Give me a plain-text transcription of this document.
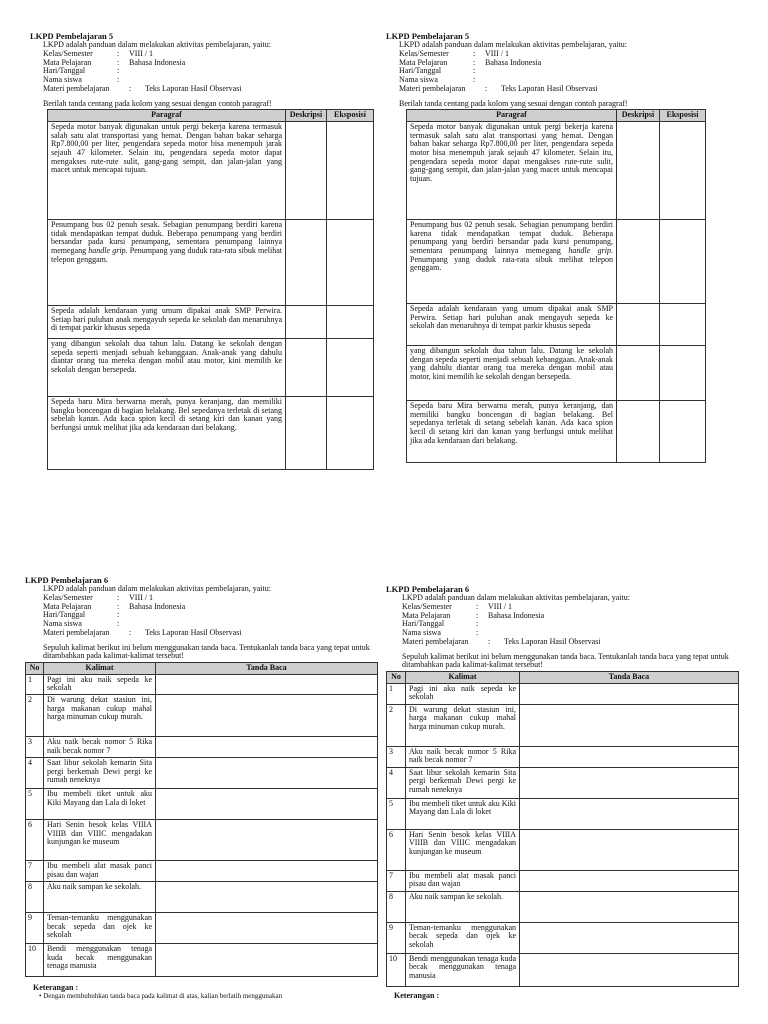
LKPD Pembelajaran 5
LKPD adalah panduan dalam melakukan aktivitas pembelajaran, yaitu:
Kelas/Semester	:	VIII / 1
Mata Pelajaran	:	Bahasa Indonesia
Hari/Tanggal	:	
Nama siswa	:	
Materi pembelajaran	:	Teks Laporan Hasil Observasi
Berilah tanda centang pada kolom yang sesuai dengan contoh paragraf!
Paragraf	Deskripsi	Eksposisi
Sepeda motor banyak digunakan untuk pergi bekerja karena termasuk salah satu alat transportasi yang hemat. Dengan bahan bakar seharga Rp7.800,00 per liter, pengendara sepeda motor bisa menempuh jarak sejauh 47 kilometer. Selain itu, pengendara sepeda motor dapat mengakses rute-rute sulit, gang-gang sempit, dan jalan-jalan yang macet untuk mencapai tujuan.		
Penumpang bus 02 penuh sesak. Sebagian penumpang berdiri karena tidak mendapatkan tempat duduk. Beberapa penumpang yang berdiri bersandar pada kursi penumpang, sementara penumpang lainnya memegang handle grip. Penumpang yang duduk rata-rata sibuk melihat telepon genggam.		
Sepeda adalah kendaraan yang umum dipakai anak SMP Perwira. Setiap hari puluhan anak mengayuh sepeda ke sekolah dan menaruhnya di tempat parkir khusus sepeda		
yang dibangun sekolah dua tahun lalu. Datang ke sekolah dengan sepeda seperti menjadi sebuah kebanggaan. Anak-anak yang dahulu diantar orang tua mereka dengan mobil atau motor, kini memilih ke sekolah dengan bersepeda.		
Sepeda baru Mira berwarna merah, punya keranjang, dan memiliki bangku boncengan di bagian belakang. Bel sepedanya terletak di setang sebelah kanan. Ada kaca spion kecil di setang kiri dan kanan yang berfungsi untuk melihat jika ada kendaraan dari belakang.		
LKPD Pembelajaran 5
LKPD adalah panduan dalam melakukan aktivitas pembelajaran, yaitu:
Kelas/Semester	:	VIII / 1
Mata Pelajaran	:	Bahasa Indonesia
Hari/Tanggal	:	
Nama siswa	:	
Materi pembelajaran	:	Teks Laporan Hasil Observasi
Berilah tanda centang pada kolom yang sesuai dengan contoh paragraf!
Paragraf	Deskripsi	Eksposisi
Sepeda motor banyak digunakan untuk pergi bekerja karena termasuk salah satu alat transportasi yang hemat. Dengan bahan bakar seharga Rp7.800,00 per liter, pengendara sepeda motor bisa menempuh jarak sejauh 47 kilometer. Selain itu, pengendara sepeda motor dapat mengakses rute-rute sulit, gang-gang sempit, dan jalan-jalan yang macet untuk mencapai tujuan.		
Penumpang bus 02 penuh sesak. Sebagian penumpang berdiri karena tidak mendapatkan tempat duduk. Beberapa penumpang yang berdiri bersandar pada kursi penumpang, sementara penumpang lainnya memegang handle grip. Penumpang yang duduk rata-rata sibuk melihat telepon genggam.		
Sepeda adalah kendaraan yang umum dipakai anak SMP Perwira. Setiap hari puluhan anak mengayuh sepeda ke sekolah dan menaruhnya di tempat parkir khusus sepeda		
yang dibangun sekolah dua tahun lalu. Datang ke sekolah dengan sepeda seperti menjadi sebuah kebanggaan. Anak-anak yang dahulu diantar orang tua mereka dengan mobil atau motor, kini memilih ke sekolah dengan bersepeda.		
Sepeda baru Mira berwarna merah, punya keranjang, dan memiliki bangku boncengan di bagian belakang. Bel sepedanya terletak di setang sebelah kanan. Ada kaca spion kecil di setang kiri dan kanan yang berfungsi untuk melihat jika ada kendaraan dari belakang.		
LKPD Pembelajaran 6
LKPD adalah panduan dalam melakukan aktivitas pembelajaran, yaitu:
Kelas/Semester	:	VIII / 1
Mata Pelajaran	:	Bahasa Indonesia
Hari/Tanggal	:	
Nama siswa	:	
Materi pembelajaran	:	Teks Laporan Hasil Observasi
Sepuluh kalimat berikut ini belum menggunakan tanda baca. Tentukanlah tanda baca yang tepat untuk ditambahkan pada kalimat-kalimat tersebut!
No	Kalimat	Tanda Baca
1	Pagi ini aku naik sepeda ke sekolah	
2	Di warung dekat stasiun ini, harga makanan cukup mahal harga minuman cukup murah.	
3	Aku naik becak nomor 5 Rika naik becak nomor 7	
4	Saat libur sekolah kemarin Sita pergi berkemah Dewi pergi ke rumah neneknya	
5	Ibu membeli tiket untuk aku Kiki Mayang dan Lala di loket	
6	Hari Senin besok kelas VIIIA VIIIB dan VIIIC mengadakan kunjungan ke museum	
7	Ibu membeli alat masak panci pisau dan wajan	
8	Aku naik sampan ke sekolah.	
9	Teman-temanku menggunakan becak sepeda dan ojek ke sekolah	
10	Bendi menggunakan tenaga kuda becak menggunakan tenaga manusia	
Keterangan :
• Dengan membubuhkan tanda baca pada kalimat di atas, kalian berlatih menggunakan
LKPD Pembelajaran 6
LKPD adalah panduan dalam melakukan aktivitas pembelajaran, yaitu:
Kelas/Semester	:	VIII / 1
Mata Pelajaran	:	Bahasa Indonesia
Hari/Tanggal	:	
Nama siswa	:	
Materi pembelajaran	:	Teks Laporan Hasil Observasi
Sepuluh kalimat berikut ini belum menggunakan tanda baca. Tentukanlah tanda baca yang tepat untuk ditambahkan pada kalimat-kalimat tersebut!
No	Kalimat	Tanda Baca
1	Pagi ini aku naik sepeda ke sekolah	
2	Di warung dekat stasiun ini, harga makanan cukup mahal harga minuman cukup murah.	
3	Aku naik becak nomor 5 Rika naik becak nomor 7	
4	Saat libur sekolah kemarin Sita pergi berkemah Dewi pergi ke rumah neneknya	
5	Ibu membeli tiket untuk aku Kiki Mayang dan Lala di loket	
6	Hari Senin besok kelas VIIIA VIIIB dan VIIIC mengadakan kunjungan ke museum	
7	Ibu membeli alat masak panci pisau dan wajan	
8	Aku naik sampan ke sekolah.	
9	Teman-temanku menggunakan becak sepeda dan ojek ke sekolah	
10	Bendi menggunakan tenaga kuda becak menggunakan tenaga manusia	
Keterangan :
